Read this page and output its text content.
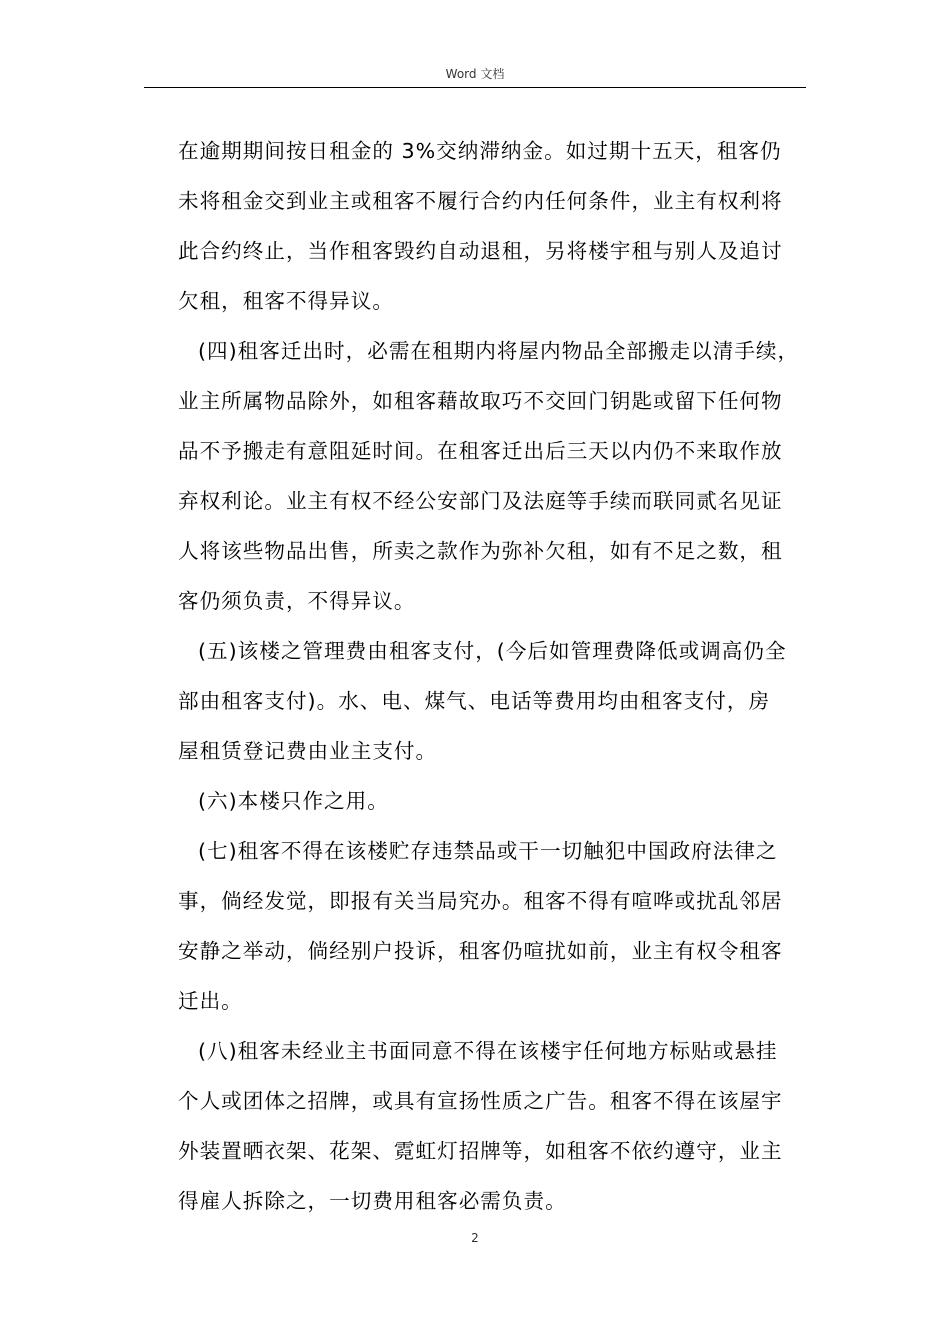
Word 文档

在逾期期间按日租金的 3%交纳滞纳金。如过期十五天，租客仍

未将租金交到业主或租客不履行合约内任何条件，业主有权利将

此合约终止，当作租客毁约自动退租，另将楼宇租与别人及追讨

欠租，租客不得异议。

(四)租客迁出时，必需在租期内将屋内物品全部搬走以清手续，

业主所属物品除外，如租客藉故取巧不交回门钥匙或留下任何物

品不予搬走有意阻延时间。在租客迁出后三天以内仍不来取作放

弃权利论。业主有权不经公安部门及法庭等手续而联同贰名见证

人将该些物品出售，所卖之款作为弥补欠租，如有不足之数，租

客仍须负责，不得异议。

(五)该楼之管理费由租客支付，(今后如管理费降低或调高仍全

部由租客支付)。水、电、煤气、电话等费用均由租客支付，房

屋租赁登记费由业主支付。

(六)本楼只作之用。

(七)租客不得在该楼贮存违禁品或干一切触犯中国政府法律之

事，倘经发觉，即报有关当局究办。租客不得有喧哗或扰乱邻居

安静之举动，倘经别户投诉，租客仍喧扰如前，业主有权令租客

迁出。

(八)租客未经业主书面同意不得在该楼宇任何地方标贴或悬挂

个人或团体之招牌，或具有宣扬性质之广告。租客不得在该屋宇

外装置晒衣架、花架、霓虹灯招牌等，如租客不依约遵守，业主

得雇人拆除之，一切费用租客必需负责。

2
